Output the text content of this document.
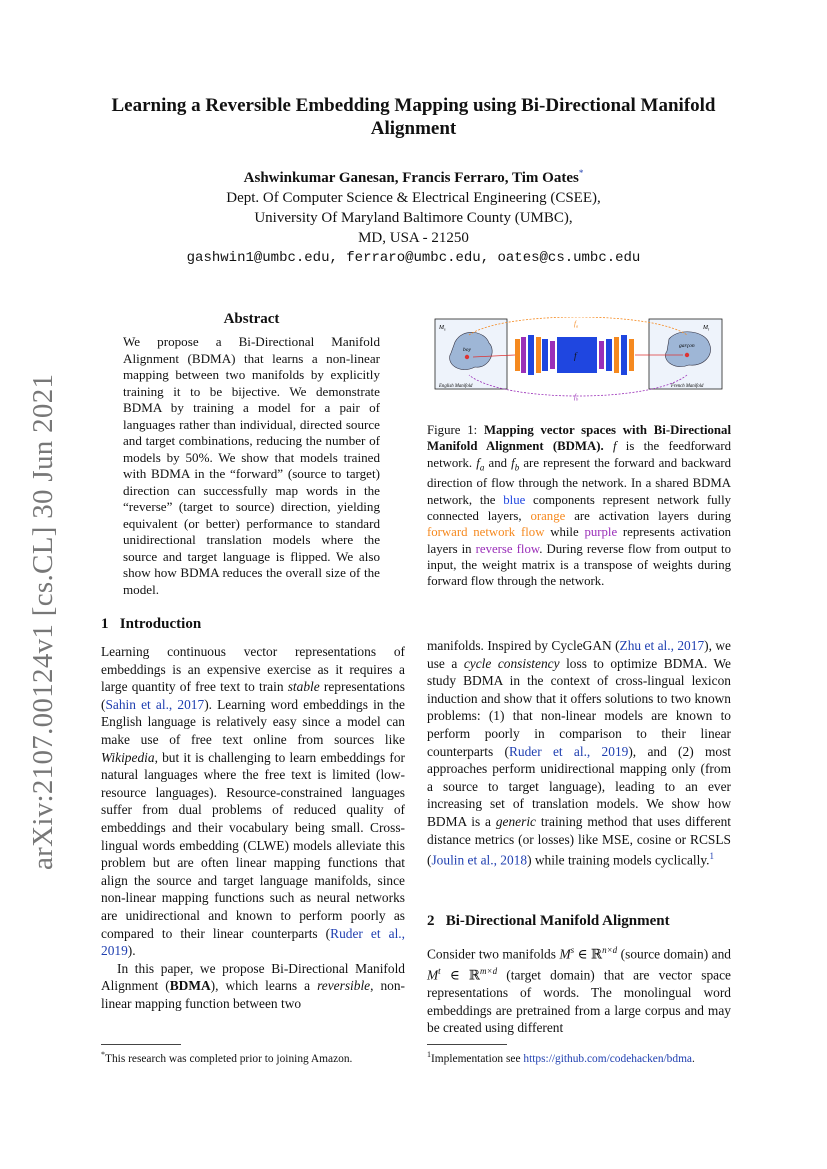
Learning a Reversible Embedding Mapping using Bi-Directional Manifold Alignment
Ashwinkumar Ganesan, Francis Ferraro, Tim Oates*
Dept. Of Computer Science & Electrical Engineering (CSEE),
University Of Maryland Baltimore County (UMBC),
MD, USA - 21250
gashwin1@umbc.edu, ferraro@umbc.edu, oates@cs.umbc.edu
arXiv:2107.00124v1 [cs.CL] 30 Jun 2021
Abstract
We propose a Bi-Directional Manifold Alignment (BDMA) that learns a non-linear mapping between two manifolds by explicitly training it to be bijective. We demonstrate BDMA by training a model for a pair of languages rather than individual, directed source and target combinations, reducing the number of models by 50%. We show that models trained with BDMA in the “forward” (source to target) direction can successfully map words in the “reverse” (target to source) direction, yielding equivalent (or better) performance to standard unidirectional translation models where the source and target language is flipped. We also show how BDMA reduces the overall size of the model.
$M_s$
boy
English Manifold
$M_t$
garçon
French Manifold
$f_a$
$f_b$
f
Figure 1: Mapping vector spaces with Bi-Directional Manifold Alignment (BDMA). f is the feedforward network. $f_a$ and $f_b$ are represent the forward and backward direction of flow through the network. In a shared BDMA network, the blue components represent network fully connected layers, orange are activation layers during forward network flow while purple represents activation layers in reverse flow. During reverse flow from output to input, the weight matrix is a transpose of weights during forward flow through the network.
1 Introduction
Learning continuous vector representations of embeddings is an expensive exercise as it requires a large quantity of free text to train stable representations (Sahin et al., 2017). Learning word embeddings in the English language is relatively easy since a model can make use of free text online from sources like Wikipedia, but it is challenging to learn embeddings for natural languages where the free text is limited (low-resource languages). Resource-constrained languages suffer from dual problems of reduced quality of embeddings and their vocabulary being small. Cross-lingual words embedding (CLWE) models alleviate this problem but are often linear mapping functions that align the source and target language manifolds, since non-linear mapping functions such as neural networks are unidirectional and known to perform poorly as compared to their linear counterparts (Ruder et al., 2019).
In this paper, we propose Bi-Directional Manifold Alignment (BDMA), which learns a reversible, non-linear mapping function between two
manifolds. Inspired by CycleGAN (Zhu et al., 2017), we use a cycle consistency loss to optimize BDMA. We study BDMA in the context of cross-lingual lexicon induction and show that it offers solutions to two known problems: (1) that non-linear models are known to perform poorly in comparison to their linear counterparts (Ruder et al., 2019), and (2) most approaches perform unidirectional mapping only (from a source to target language), leading to an ever increasing set of translation models. We show how BDMA is a generic training method that uses different distance metrics (or losses) like MSE, cosine or RCSLS (Joulin et al., 2018) while training models cyclically.$^1$
2 Bi-Directional Manifold Alignment
Consider two manifolds $M^s$ ∈ ℝ$^{n\times d}$ (source domain) and $M^t$ ∈ ℝ$^{m\times d}$ (target domain) that are vector space representations of words. The monolingual word embeddings are pretrained from a large corpus and may be created using different
*This research was completed prior to joining Amazon.	$^1$Implementation see https://github.com/codehacken/bdma.
